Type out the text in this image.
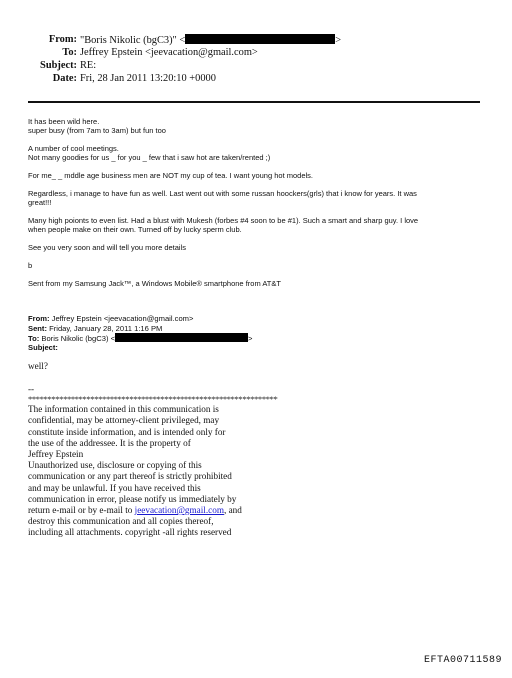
From: "Boris Nikolic (bgC3)" <	>
To: Jeffrey Epstein <jeevacation@gmail.com>
Subject: RE:
Date: Fri, 28 Jan 2011 13:20:10 +0000

It has been wild here.

super busy (from 7am to 3am) but fun too

A number of cool meetings.

Not many goodies for us _ for you _ few that i saw hot are taken/rented ;)

For me_ _ mddle age business men are NOT my cup of tea. I want young hot models.

Regardless, i manage to have fun as well. Last went out with some russan hoockers(grls) that i know for years. It was

great!!!

Many high poionts to even list. Had a blust with Mukesh (forbes #4 soon to be #1). Such a smart and sharp guy. I love

when people make on their own. Turned off by lucky sperm club.

See you very soon and will tell you more details

b

Sent from my Samsung Jack™, a Windows Mobile® smartphone from AT&T

From: Jeffrey Epstein <jeevacation@gmail.com>
Sent: Friday, January 28, 2011 1:16 PM
To: Boris Nikolic (bgC3) <	>
Subject:

well?

--

****************************************************************

The information contained in this communication is

confidential, may be attorney-client privileged, may

constitute inside information, and is intended only for

the use of the addressee. It is the property of

Jeffrey Epstein

Unauthorized use, disclosure or copying of this

communication or any part thereof is strictly prohibited

and may be unlawful. If you have received this

communication in error, please notify us immediately by

return e-mail or by e-mail to jeevacation@gmail.com, and

destroy this communication and all copies thereof,

including all attachments. copyright -all rights reserved

EFTA00711589
